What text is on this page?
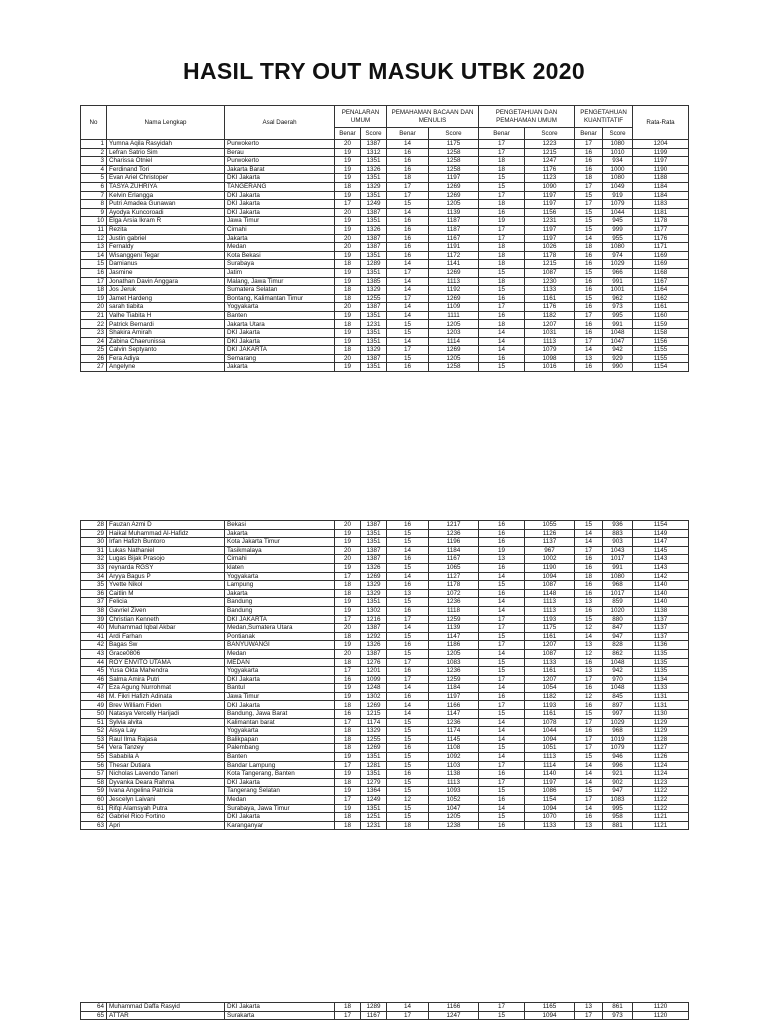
HASIL TRY OUT MASUK UTBK 2020
No	Nama Lengkap	Asal Daerah	PENALARAN UMUM		PEMAHAMAN BACAAN DAN MENULIS		PENGETAHUAN DAN PEMAHAMAN UMUM		PENGETAHUAN KUANTITATIF		Rata-Rata
			Benar	Score	Benar	Score	Benar	Score	Benar	Score	
1	Yumna Aqila Rasyidah	Purwokerto	20	1387	14	1175	17	1223	17	1080	1204
2	Lefran Satrio Sim	Berau	19	1312	16	1258	17	1215	16	1010	1199
3	Charissa Otniel	Purwokerto	19	1351	16	1258	18	1247	16	934	1197
4	Ferdinand Tori	Jakarta Barat	19	1326	16	1258	18	1176	16	1000	1190
5	Evan Ariel Christoper	DKI Jakarta	19	1351	18	1197	15	1123	18	1080	1188
6	TASYA ZUHRIYA	TANGERANG	18	1329	17	1269	15	1090	17	1049	1184
7	Kelvin Erlangga	DKI Jakarta	19	1351	17	1269	17	1197	15	919	1184
8	Putri Amadea Gunawan	DKI Jakarta	17	1249	15	1205	18	1197	17	1079	1183
9	Ayodya Kuncoroadi	DKI Jakarta	20	1387	14	1139	16	1156	15	1044	1181
10	Elga Arsia Ikram R	Jawa Timur	19	1351	16	1187	19	1231	15	945	1178
11	Rezita	Cimahi	19	1326	16	1187	17	1197	15	999	1177
12	Justin gabriel	Jakarta	20	1387	16	1167	17	1197	14	955	1176
13	Fernaldy	Medan	20	1387	16	1191	18	1026	18	1080	1171
14	Wisanggeni Tegar	Kota Bekasi	19	1351	16	1172	18	1178	16	974	1169
15	Damianus	Surabaya	18	1289	14	1141	18	1215	16	1029	1169
16	Jasmine	Jatim	19	1351	17	1269	15	1087	15	966	1168
17	Jonathan Davin Anggara	Malang, Jawa Timur	19	1385	14	1113	18	1230	16	991	1167
18	Jos Jeruk	Sumatera Selatan	18	1329	14	1192	15	1133	16	1001	1164
19	Jamet Hardeng	Bontang, Kalimantan Timur	18	1255	17	1269	16	1161	15	962	1162
20	sarah tiabita	Yogyakarta	20	1387	14	1109	17	1176	16	973	1161
21	Valhe Tiabita H	Banten	19	1351	14	1111	16	1182	17	995	1160
22	Patrick Bernardi	Jakarta Utara	18	1231	15	1205	18	1207	16	991	1159
23	Shakira Amirah	DKI Jakarta	19	1351	15	1203	14	1031	16	1048	1158
24	Zabina Chaerunissa	DKI Jakarta	19	1351	14	1114	14	1113	17	1047	1156
25	Calvin Septyanto	DKI JAKARTA	18	1329	17	1269	14	1079	14	942	1155
26	Fera Adiya	Semarang	20	1387	15	1205	16	1098	13	929	1155
27	Angelyne	Jakarta	19	1351	16	1258	15	1016	16	990	1154
28	Fauzan Azmi D	Bekasi	20	1387	16	1217	16	1055	15	936	1154
29	Haikal Muhammad Al-Hafidz	Jakarta	19	1351	15	1236	16	1126	14	883	1149
30	Irfan Hafizh Buntoro	Kota Jakarta Timur	19	1351	15	1196	16	1137	14	903	1147
31	Lukas Nathaniel	Tasikmalaya	20	1387	14	1184	19	967	17	1043	1145
32	Lugas Bijak Prasojo	Cimahi	20	1387	16	1167	13	1002	16	1017	1143
33	reynarda RGSY	klaten	19	1326	15	1065	16	1190	16	991	1143
34	Aryya Bagus P	Yogyakarta	17	1269	14	1127	14	1094	18	1080	1142
35	Yvette Nikol	Lampung	18	1329	16	1178	15	1087	16	968	1140
36	Caitlin M	Jakarta	18	1329	13	1072	16	1148	16	1017	1140
37	Felicia	Bandung	19	1351	15	1236	14	1113	13	859	1140
38	Gavriel Ziven	Bandung	19	1302	16	1118	14	1113	16	1020	1138
39	Christian Kenneth	DKI JAKARTA	17	1216	17	1259	17	1193	15	880	1137
40	Muhammad Iqbal Akbar	Medan,Sumatera Utara	20	1387	14	1139	17	1175	12	847	1137
41	Ardi Farhan	Pontianak	18	1292	15	1147	15	1161	14	947	1137
42	Bagas Sw	BANYUWANGI	19	1326	16	1186	17	1207	13	828	1136
43	Grace0806	Medan	20	1387	15	1205	14	1087	12	862	1135
44	ROY ENVITO UTAMA	MEDAN	18	1276	17	1083	15	1133	16	1048	1135
45	Yusa Okta Mahendra	Yogyakarta	17	1201	16	1236	15	1161	13	942	1135
46	Salma Amira Putri	DKI Jakarta	16	1099	17	1259	17	1207	17	970	1134
47	Eza Agung Nurrohmat	Bantul	19	1248	14	1184	14	1054	16	1048	1133
48	M. Fikri Hafizh Adinata	Jawa Timur	19	1302	16	1197	16	1182	12	845	1131
49	Brev William Fiden	DKI Jakarta	18	1269	14	1166	17	1193	16	897	1131
50	Natasya Vercelly Harijadi	Bandung, Jawa Barat	16	1215	14	1147	15	1161	15	997	1130
51	Sylvia alvita	Kalimantan barat	17	1174	15	1236	14	1078	17	1029	1129
52	Aisya Lay	Yogyakarta	18	1329	15	1174	14	1044	16	968	1129
53	Raul Ilma Rajasa	Balikpapan	18	1255	15	1145	14	1094	17	1019	1128
54	Vera Tanzey	Palembang	18	1269	16	1108	15	1051	17	1079	1127
55	Sababila A	Banten	19	1351	15	1092	14	1113	15	946	1126
56	Thesar Dutiara	Bandar Lampung	17	1281	15	1103	17	1114	14	996	1124
57	Nicholas Lavendo Taneri	Kota Tangerang, Banten	19	1351	16	1138	16	1140	14	921	1124
58	Dyvanka Deara Rahma	DKI Jakarta	18	1279	15	1113	17	1197	14	902	1123
59	Ivana Angelina Patricia	Tangerang Selatan	19	1364	15	1093	15	1086	15	947	1122
60	Jescelyn Laivani	Medan	17	1249	12	1052	16	1154	17	1083	1122
61	Rifqi Alamsyah Putra	Surabaya, Jawa Timur	19	1351	15	1047	14	1094	14	995	1122
62	Gabriel Rico Fortino	DKI Jakarta	18	1251	15	1205	15	1070	16	958	1121
63	Apri	Karanganyar	18	1231	18	1238	16	1133	13	881	1121
64	Muhammad Daffa Rasyid	DKI Jakarta	18	1289	14	1166	17	1165	13	861	1120
65	ATTAR	Surakarta	17	1167	17	1247	15	1094	17	973	1120
